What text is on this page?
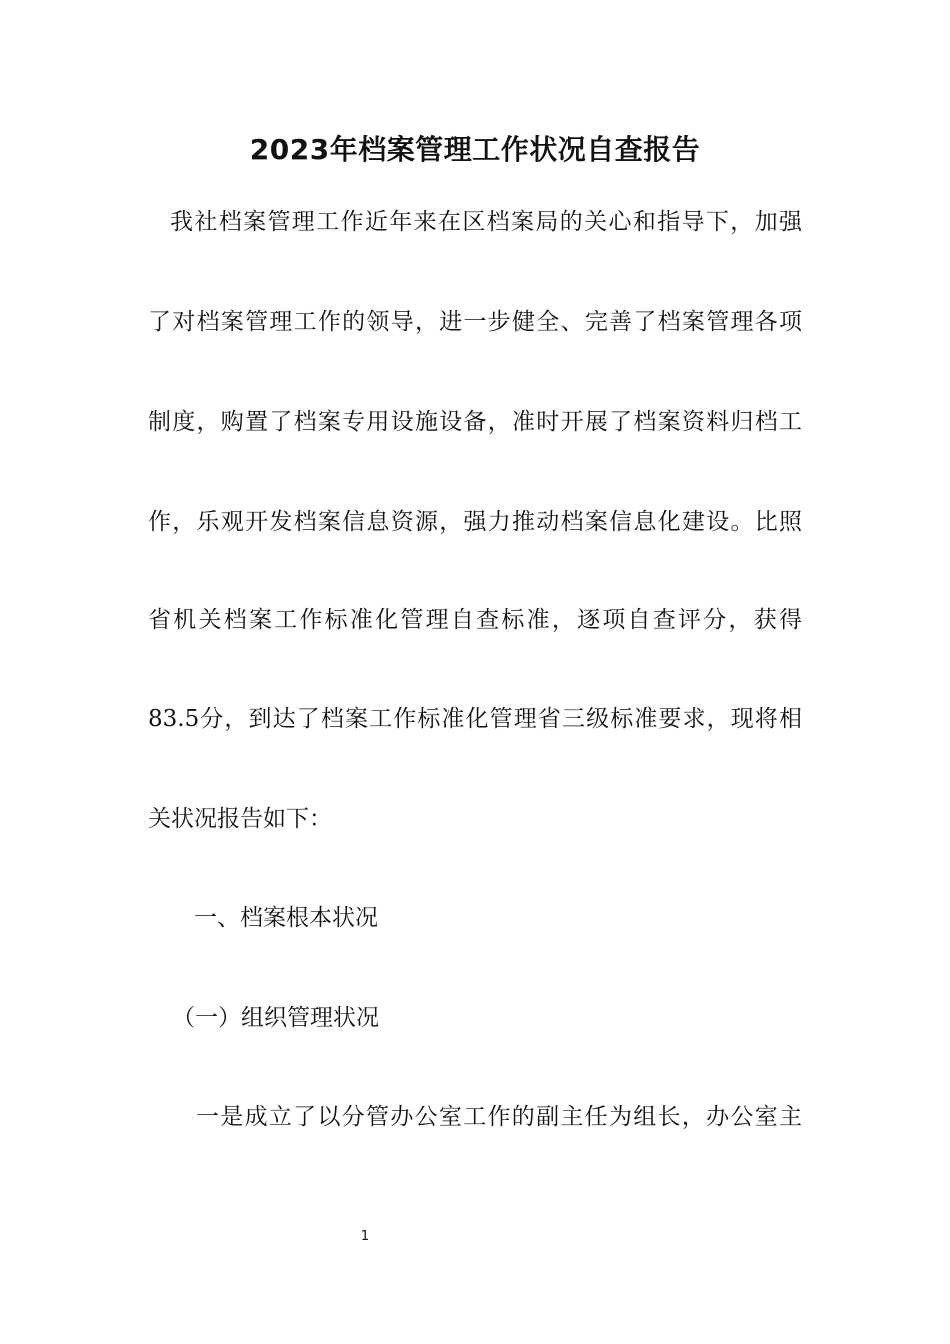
2023年档案管理工作状况自查报告
我社档案管理工作近年来在区档案局的关心和指导下，加强
了对档案管理工作的领导，进一步健全、完善了档案管理各项
制度，购置了档案专用设施设备，准时开展了档案资料归档工
作，乐观开发档案信息资源，强力推动档案信息化建设。比照
省机关档案工作标准化管理自查标准，逐项自查评分，获得
83.5分，到达了档案工作标准化管理省三级标准要求，现将相
关状况报告如下：
一、档案根本状况
（一）组织管理状况
一是成立了以分管办公室工作的副主任为组长，办公室主
1
